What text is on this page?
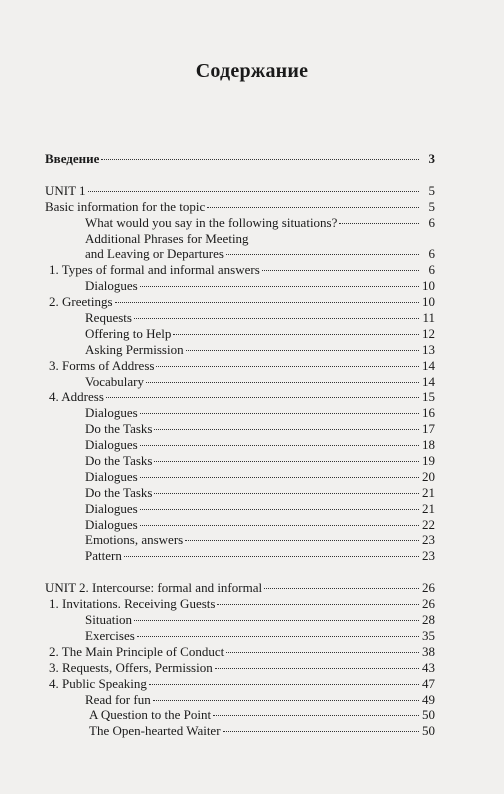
Содержание
Введение	3
UNIT 1	5
Basic information for the topic	5
What would you say in the following situations?	6
Additional Phrases for Meeting
and Leaving or Departures	6
1. Types of formal and informal answers	6
Dialogues	10
2. Greetings	10
Requests	11
Offering to Help	12
Asking Permission	13
3. Forms of Address	14
Vocabulary	14
4. Address	15
Dialogues	16
Do the Tasks	17
Dialogues	18
Do the Tasks	19
Dialogues	20
Do the Tasks	21
Dialogues	21
Dialogues	22
Emotions, answers	23
Pattern	23
UNIT 2. Intercourse: formal and informal	26
1. Invitations. Receiving Guests	26
Situation	28
Exercises	35
2. The Main Principle of Conduct	38
3. Requests, Offers, Permission	43
4. Public Speaking	47
Read for fun	49
A Question to the Point	50
The Open-hearted Waiter	50
